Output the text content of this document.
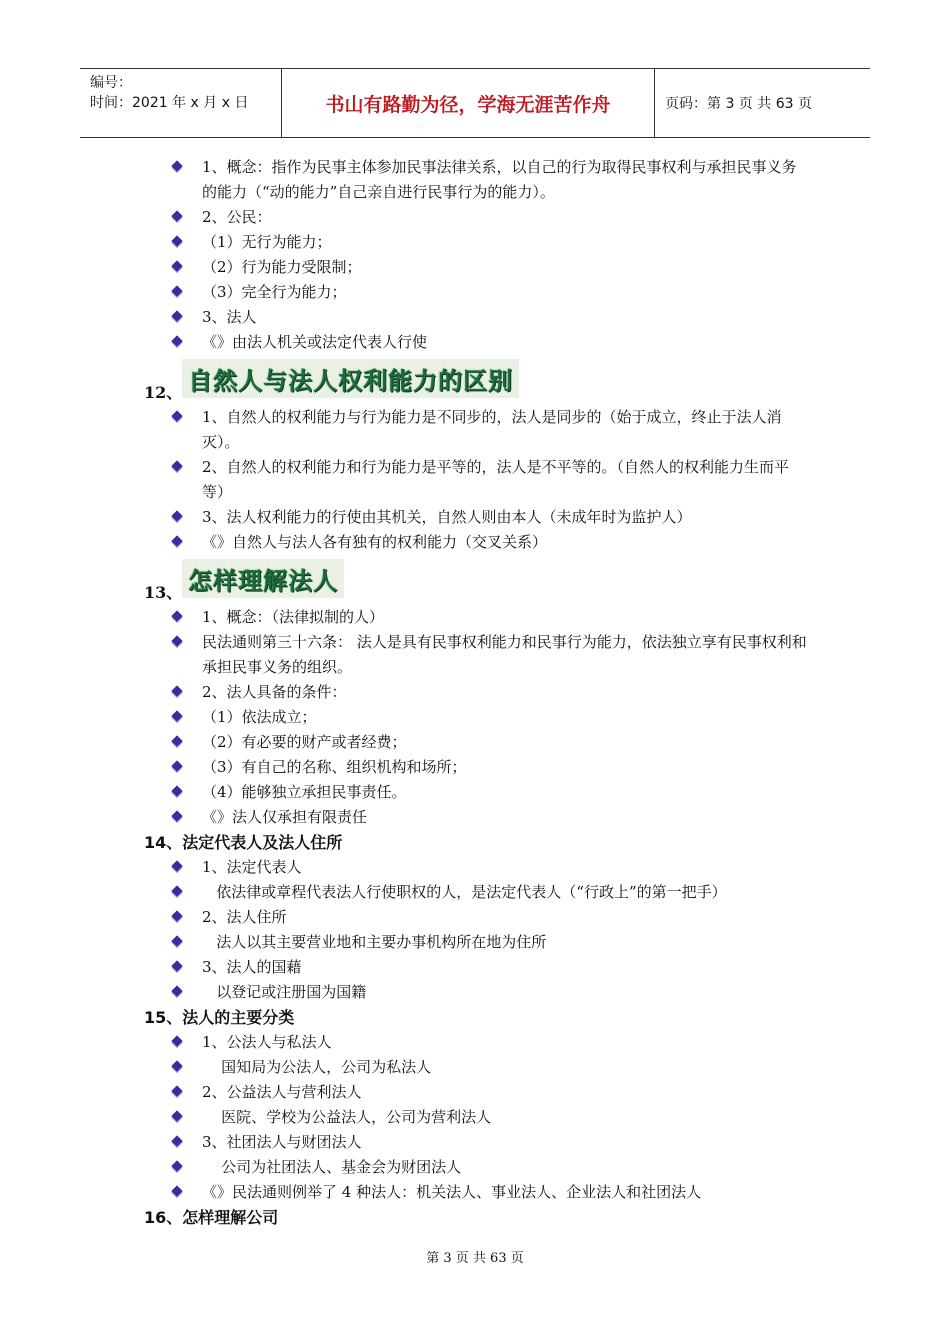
编号：
时间：2021 年 x 月 x 日	书山有路勤为径，学海无涯苦作舟	页码：第 3 页 共 63 页
1、概念：指作为民事主体参加民事法律关系，以自己的行为取得民事权利与承担民事义务的能力（“动的能力”自己亲自进行民事行为的能力）。
2、公民：
（1）无行为能力；
（2）行为能力受限制；
（3）完全行为能力；
3、法人
《》由法人机关或法定代表人行使
12、 自然人与法人权利能力的区别
1、自然人的权利能力与行为能力是不同步的，法人是同步的（始于成立，终止于法人消灭）。
2、自然人的权利能力和行为能力是平等的，法人是不平等的。（自然人的权利能力生而平等）
3、法人权利能力的行使由其机关，自然人则由本人（未成年时为监护人）
《》自然人与法人各有独有的权利能力（交叉关系）
13、 怎样理解法人
1、概念：（法律拟制的人）
民法通则第三十六条： 法人是具有民事权利能力和民事行为能力，依法独立享有民事权利和承担民事义务的组织。
2、法人具备的条件：
（1）依法成立；
（2）有必要的财产或者经费；
（3）有自己的名称、组织机构和场所；
（4）能够独立承担民事责任。
《》法人仅承担有限责任
14、法定代表人及法人住所
1、法定代表人
依法律或章程代表法人行使职权的人，是法定代表人（“行政上”的第一把手）
2、法人住所
法人以其主要营业地和主要办事机构所在地为住所
3、法人的国藉
以登记或注册国为国籍
15、法人的主要分类
1、公法人与私法人
国知局为公法人，公司为私法人
2、公益法人与营利法人
医院、学校为公益法人，公司为营利法人
3、社团法人与财团法人
公司为社团法人、基金会为财团法人
《》民法通则例举了 4 种法人：机关法人、事业法人、企业法人和社团法人
16、怎样理解公司
第 3 页 共 63 页
